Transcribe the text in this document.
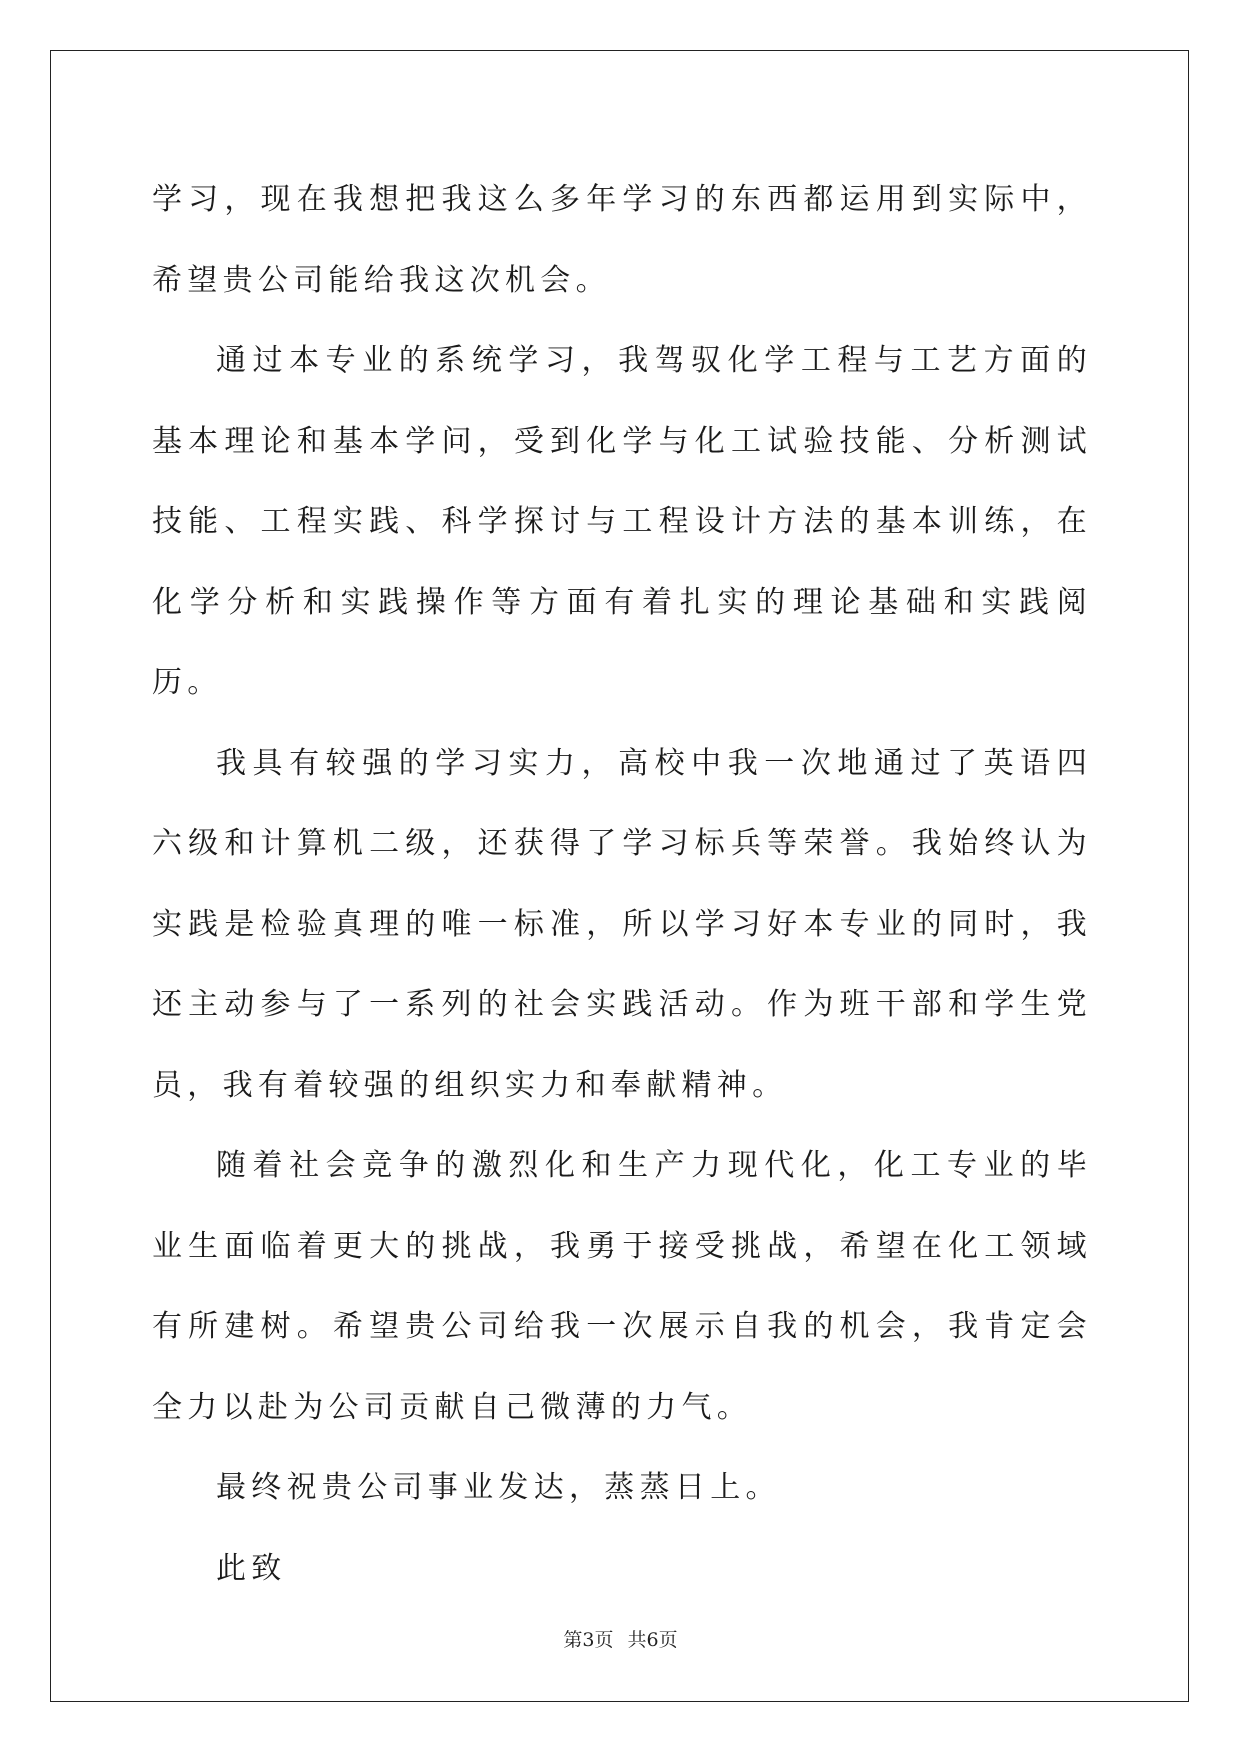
学习，现在我想把我这么多年学习的东西都运用到实际中，希望贵公司能给我这次机会。

通过本专业的系统学习，我驾驭化学工程与工艺方面的基本理论和基本学问，受到化学与化工试验技能、分析测试技能、工程实践、科学探讨与工程设计方法的基本训练，在化学分析和实践操作等方面有着扎实的理论基础和实践阅历。

我具有较强的学习实力，高校中我一次地通过了英语四六级和计算机二级，还获得了学习标兵等荣誉。我始终认为实践是检验真理的唯一标准，所以学习好本专业的同时，我还主动参与了一系列的社会实践活动。作为班干部和学生党员，我有着较强的组织实力和奉献精神。

随着社会竞争的激烈化和生产力现代化，化工专业的毕业生面临着更大的挑战，我勇于接受挑战，希望在化工领域有所建树。希望贵公司给我一次展示自我的机会，我肯定会全力以赴为公司贡献自己微薄的力气。

最终祝贵公司事业发达，蒸蒸日上。

此致

第3页 共6页
